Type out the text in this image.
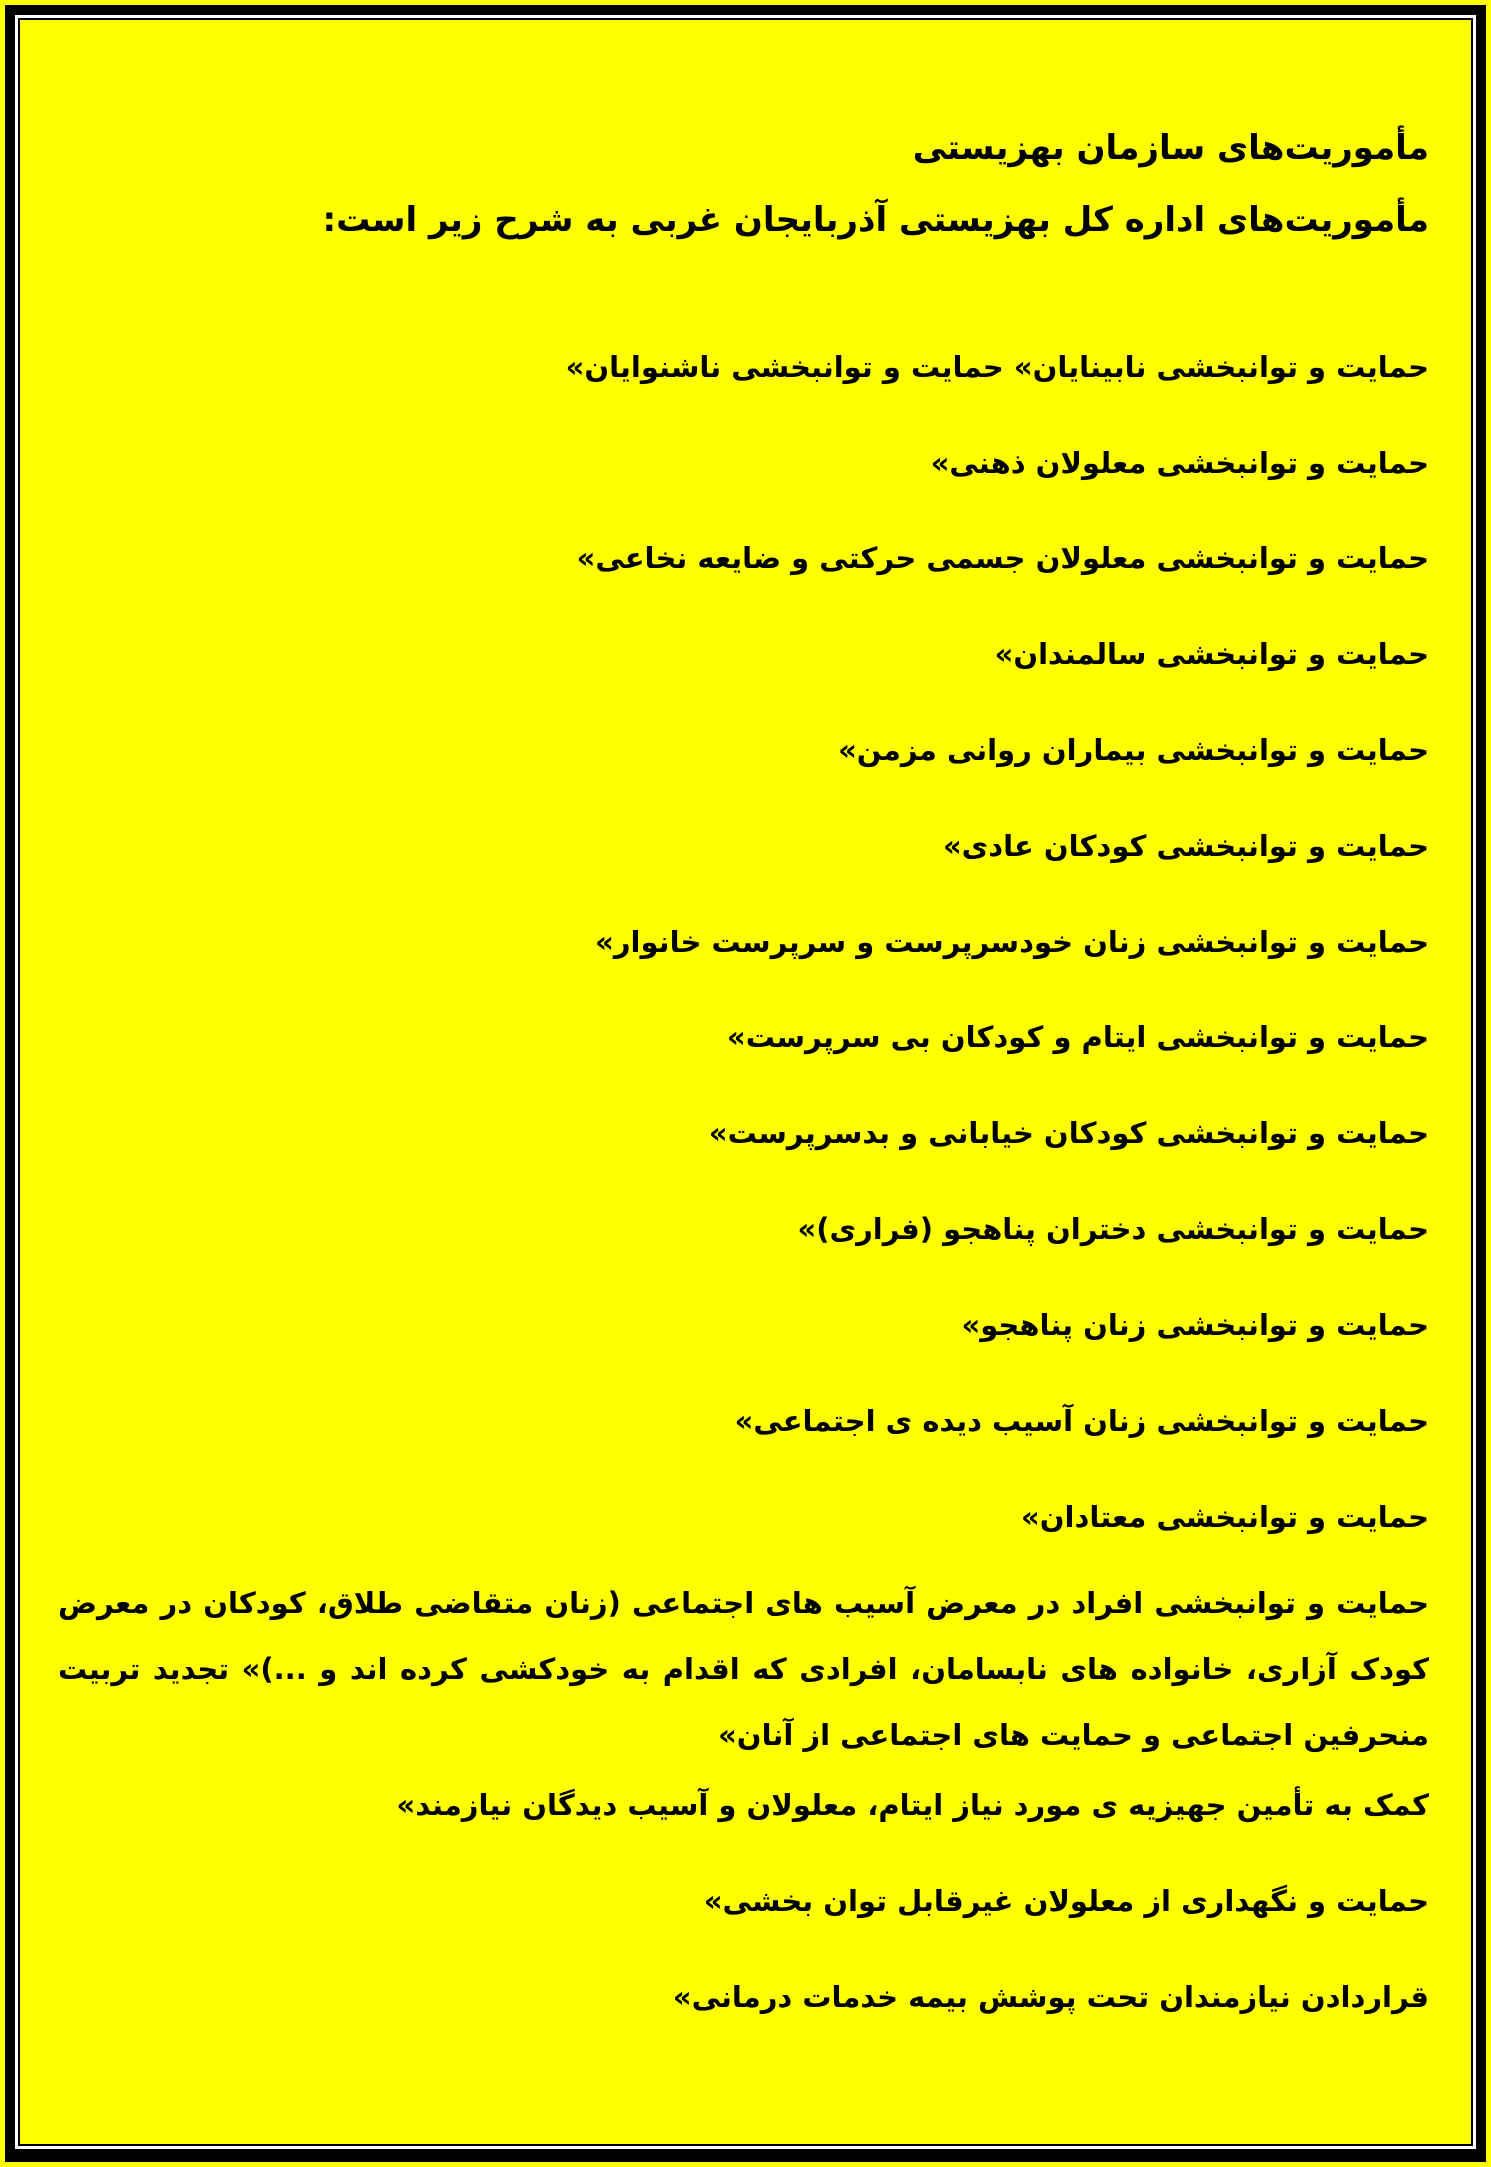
مأموریت‌های سازمان بهزیستی
مأموریت‌های اداره کل بهزیستی آذربایجان غربی به شرح زیر است:
حمایت و توانبخشی نابینایان» حمایت و توانبخشی ناشنوایان»
حمایت و توانبخشی معلولان ذهنی»
حمایت و توانبخشی معلولان جسمی حرکتی و ضایعه نخاعی»
حمایت و توانبخشی سالمندان»
حمایت و توانبخشی بیماران روانی مزمن»
حمایت و توانبخشی کودکان عادی»
حمایت و توانبخشی زنان خودسرپرست و سرپرست خانوار»
حمایت و توانبخشی ایتام و کودکان بی سرپرست»
حمایت و توانبخشی کودکان خیابانی و بدسرپرست»
حمایت و توانبخشی دختران پناهجو (فراری)»
حمایت و توانبخشی زنان پناهجو»
حمایت و توانبخشی زنان آسیب دیده ی اجتماعی»
حمایت و توانبخشی معتادان»
حمایت و توانبخشی افراد در معرض آسیب های اجتماعی (زنان متقاضی طلاق، کودکان در معرض کودک آزاری، خانواده های نابسامان، افرادی که اقدام به خودکشی کرده اند و ...)» تجدید تربیت منحرفین اجتماعی و حمایت های اجتماعی از آنان»
کمک به تأمین جهیزیه ی مورد نیاز ایتام، معلولان و آسیب دیدگان نیازمند»
حمایت و نگهداری از معلولان غیرقابل توان بخشی»
قراردادن نیازمندان تحت پوشش بیمه خدمات درمانی»
